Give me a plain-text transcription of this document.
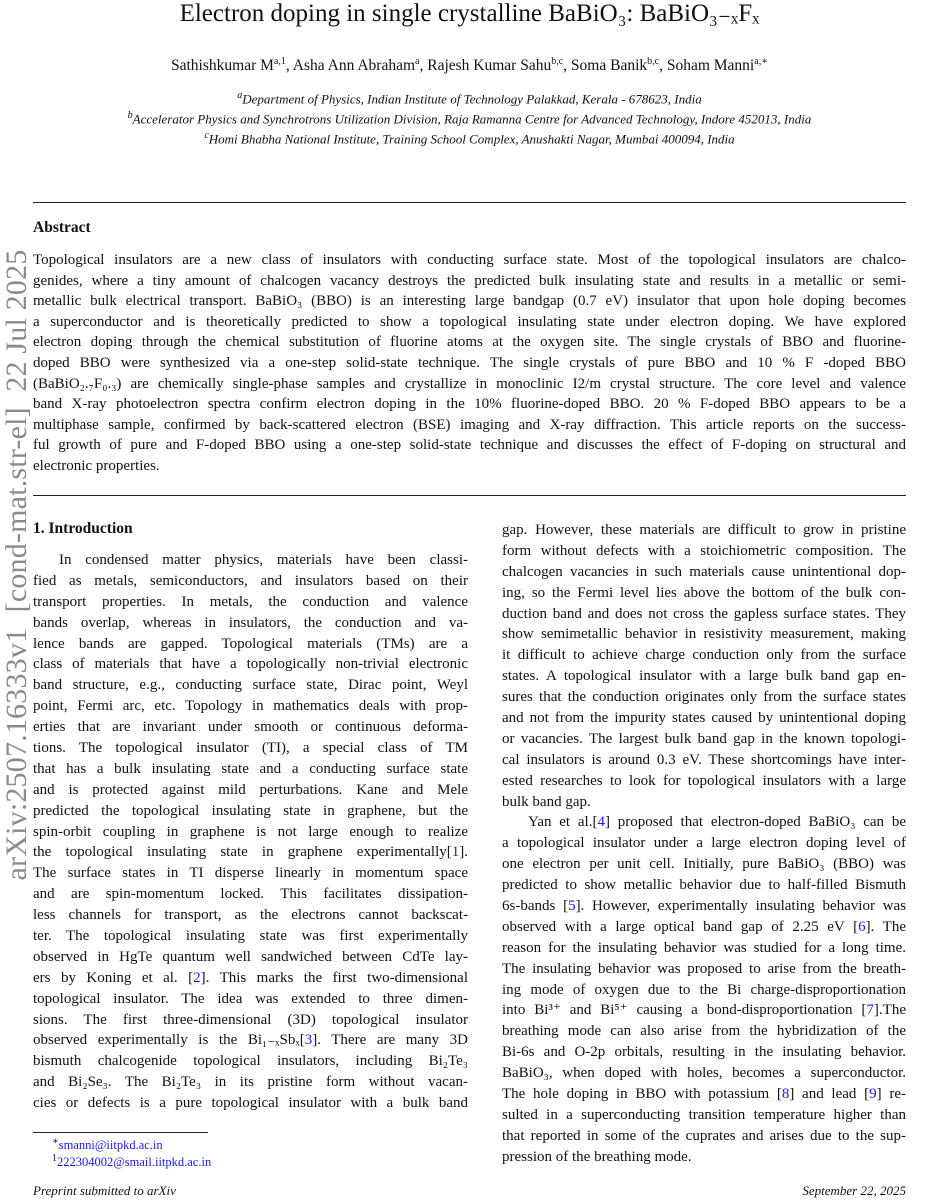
arXiv:2507.16333v1  [cond-mat.str-el]  22 Jul 2025
Electron doping in single crystalline BaBiO₃: BaBiO₃₋ₓFₓ
Sathishkumar M$^{a,1}$ , Asha Ann Abraham$^a$ , Rajesh Kumar Sahu$^{b,c}$ , Soma Banik$^{b,c}$ , Soham Manni$^{a,∗}$
$^a$Department of Physics, Indian Institute of Technology Palakkad, Kerala - 678623, India
$^b$Accelerator Physics and Synchrotrons Utilization Division, Raja Ramanna Centre for Advanced Technology, Indore 452013, India
$^c$Homi Bhabha National Institute, Training School Complex, Anushakti Nagar, Mumbai 400094, India
Abstract
Topological insulators are a new class of insulators with conducting surface state. Most of the topological insulators are chalco-
genides, where a tiny amount of chalcogen vacancy destroys the predicted bulk insulating state and results in a metallic or semi-
metallic bulk electrical transport. BaBiO₃ (BBO) is an interesting large bandgap (0.7 eV) insulator that upon hole doping becomes
a superconductor and is theoretically predicted to show a topological insulating state under electron doping. We have explored
electron doping through the chemical substitution of fluorine atoms at the oxygen site. The single crystals of BBO and fluorine-
doped BBO were synthesized via a one-step solid-state technique. The single crystals of pure BBO and 10 % F -doped BBO
(BaBiO₂.₇F₀.₃) are chemically single-phase samples and crystallize in monoclinic I2/m crystal structure. The core level and valence
band X-ray photoelectron spectra confirm electron doping in the 10% fluorine-doped BBO. 20 % F-doped BBO appears to be a
multiphase sample, confirmed by back-scattered electron (BSE) imaging and X-ray diffraction. This article reports on the success-
ful growth of pure and F-doped BBO using a one-step solid-state technique and discusses the effect of F-doping on structural and
electronic properties.
1. Introduction
In condensed matter physics, materials have been classi-
fied as metals, semiconductors, and insulators based on their
transport properties. In metals, the conduction and valence
bands overlap, whereas in insulators, the conduction and va-
lence bands are gapped. Topological materials (TMs) are a
class of materials that have a topologically non-trivial electronic
band structure, e.g., conducting surface state, Dirac point, Weyl
point, Fermi arc, etc. Topology in mathematics deals with prop-
erties that are invariant under smooth or continuous deforma-
tions. The topological insulator (TI), a special class of TM
that has a bulk insulating state and a conducting surface state
and is protected against mild perturbations. Kane and Mele
predicted the topological insulating state in graphene, but the
spin-orbit coupling in graphene is not large enough to realize
the topological insulating state in graphene experimentally[1].
The surface states in TI disperse linearly in momentum space
and are spin-momentum locked. This facilitates dissipation-
less channels for transport, as the electrons cannot backscat-
ter. The topological insulating state was first experimentally
observed in HgTe quantum well sandwiched between CdTe lay-
ers by Koning et al. [2]. This marks the first two-dimensional
topological insulator. The idea was extended to three dimen-
sions. The first three-dimensional (3D) topological insulator
observed experimentally is the Bi₁₋ₓSbₓ[3]. There are many 3D
bismuth chalcogenide topological insulators, including Bi₂Te₃
and Bi₂Se₃. The Bi₂Te₃ in its pristine form without vacan-
cies or defects is a pure topological insulator with a bulk band
gap. However, these materials are difficult to grow in pristine
form without defects with a stoichiometric composition. The
chalcogen vacancies in such materials cause unintentional dop-
ing, so the Fermi level lies above the bottom of the bulk con-
duction band and does not cross the gapless surface states. They
show semimetallic behavior in resistivity measurement, making
it difficult to achieve charge conduction only from the surface
states. A topological insulator with a large bulk band gap en-
sures that the conduction originates only from the surface states
and not from the impurity states caused by unintentional doping
or vacancies. The largest bulk band gap in the known topologi-
cal insulators is around 0.3 eV. These shortcomings have inter-
ested researches to look for topological insulators with a large
bulk band gap.
Yan et al.[4] proposed that electron-doped BaBiO₃ can be
a topological insulator under a large electron doping level of
one electron per unit cell. Initially, pure BaBiO₃ (BBO) was
predicted to show metallic behavior due to half-filled Bismuth
6s-bands [5]. However, experimentally insulating behavior was
observed with a large optical band gap of 2.25 eV [6]. The
reason for the insulating behavior was studied for a long time.
The insulating behavior was proposed to arise from the breath-
ing mode of oxygen due to the Bi charge-disproportionation
into Bi³⁺ and Bi⁵⁺ causing a bond-disproportionation [7].The
breathing mode can also arise from the hybridization of the
Bi-6s and O-2p orbitals, resulting in the insulating behavior.
BaBiO₃, when doped with holes, becomes a superconductor.
The hole doping in BBO with potassium [8] and lead [9] re-
sulted in a superconducting transition temperature higher than
that reported in some of the cuprates and arises due to the sup-
pression of the breathing mode.
∗smanni@iitpkd.ac.in
$^1$222304002@smail.iitpkd.ac.in
Preprint submitted to arXiv	September 22, 2025
